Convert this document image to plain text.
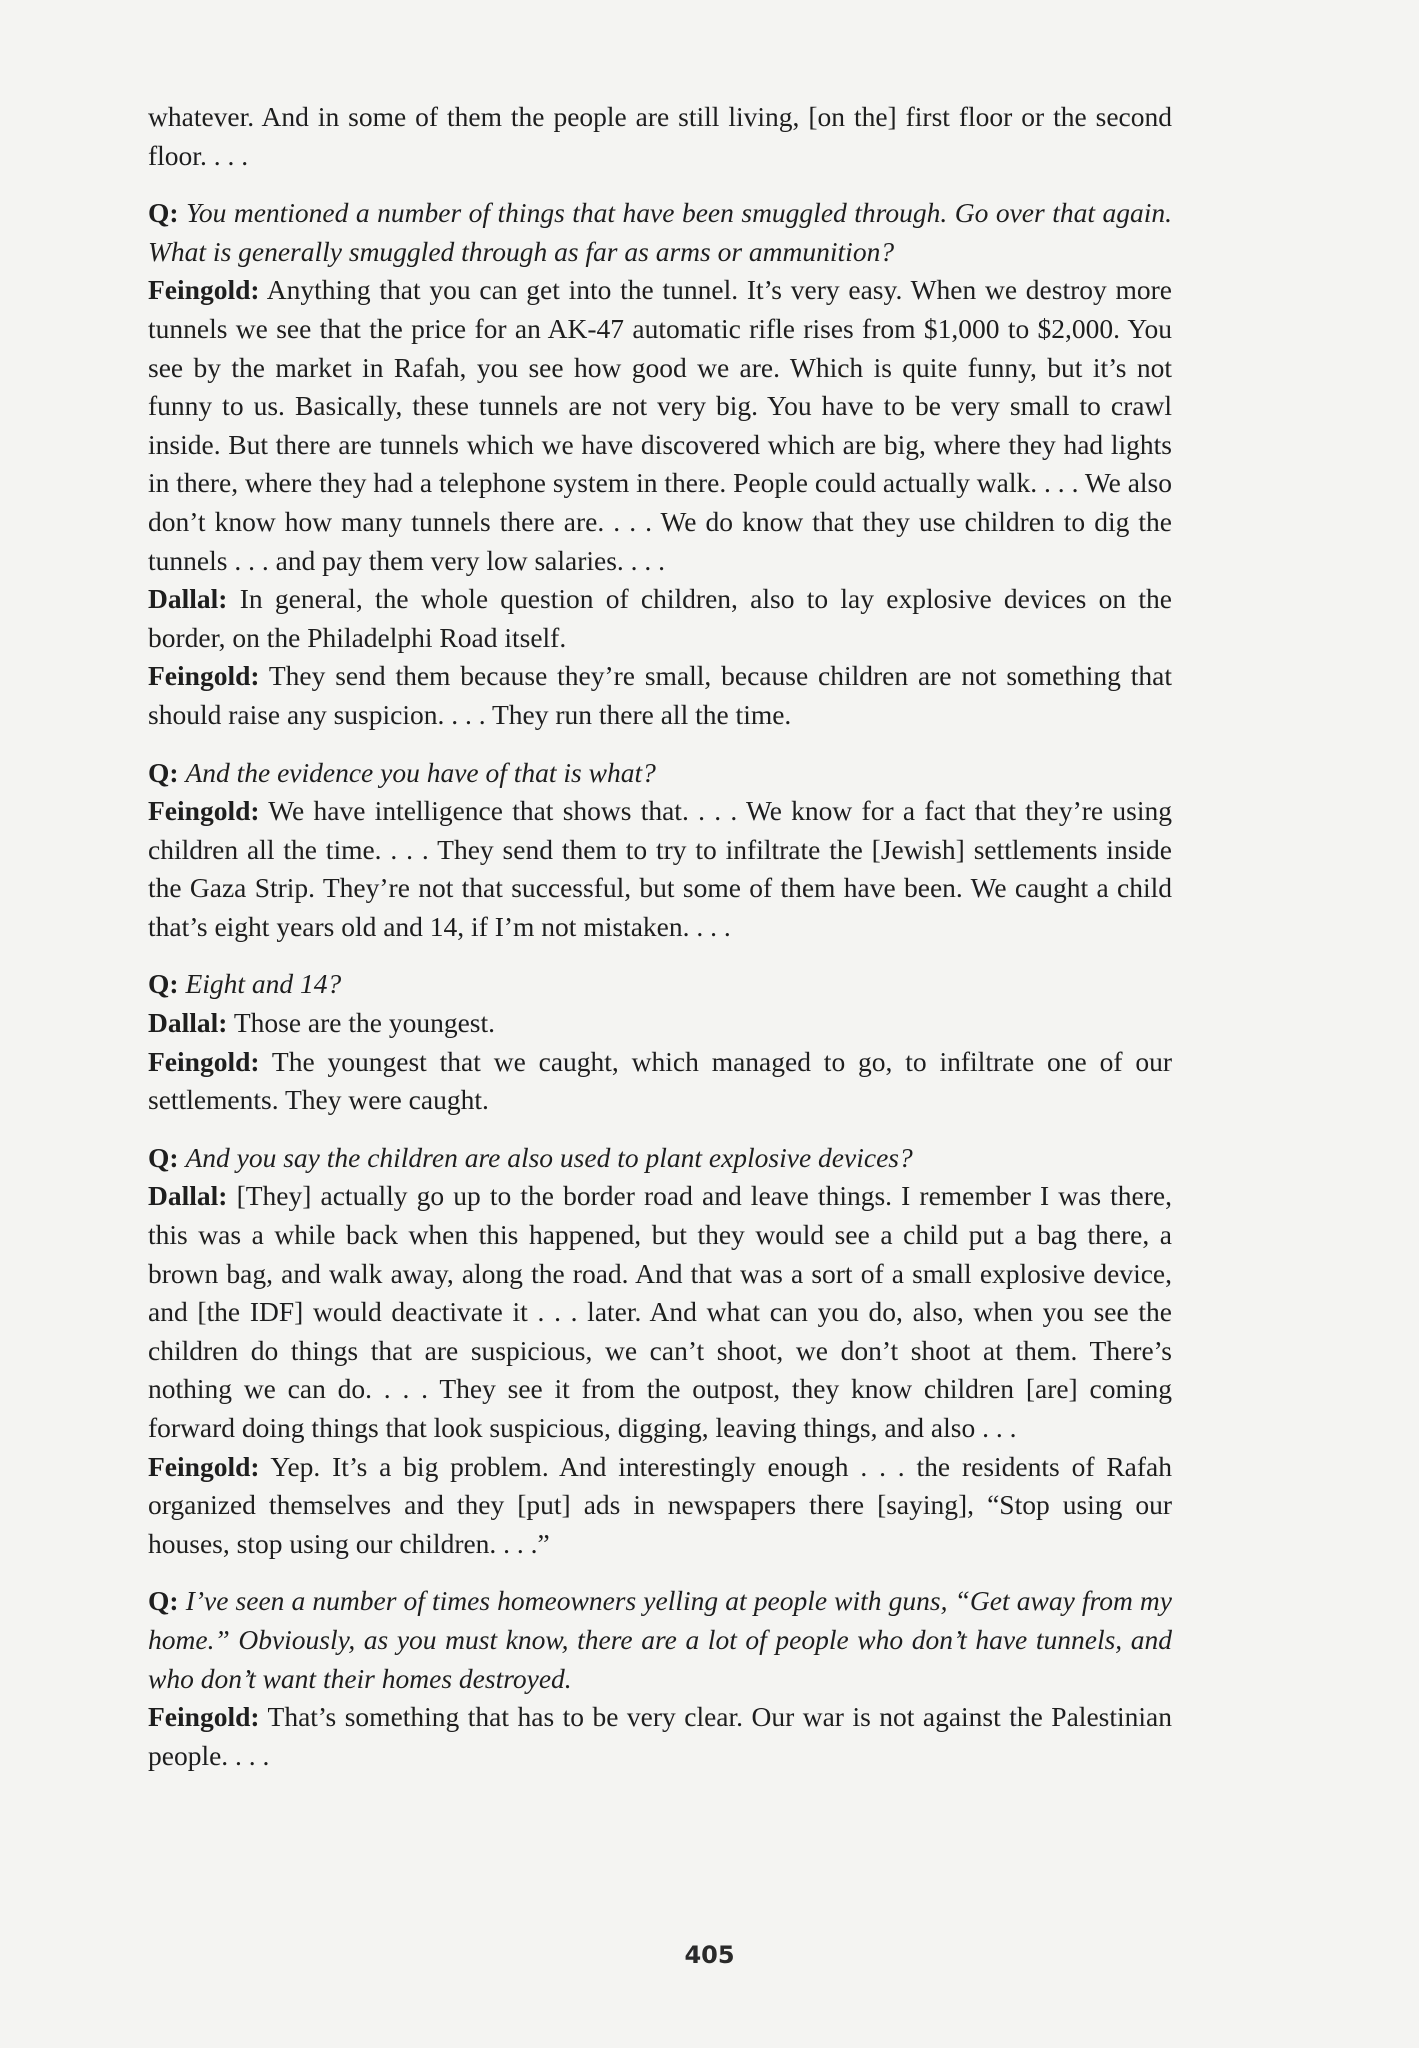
whatever. And in some of them the people are still living, [on the] first floor or the second floor. . . .

Q: You mentioned a number of things that have been smuggled through. Go over that again. What is generally smuggled through as far as arms or ammunition?

Feingold: Anything that you can get into the tunnel. It’s very easy. When we destroy more tunnels we see that the price for an AK-47 automatic rifle rises from $1,000 to $2,000. You see by the market in Rafah, you see how good we are. Which is quite funny, but it’s not funny to us. Basically, these tunnels are not very big. You have to be very small to crawl inside. But there are tunnels which we have discovered which are big, where they had lights in there, where they had a telephone system in there. People could actually walk. . . . We also don’t know how many tunnels there are. . . . We do know that they use children to dig the tunnels . . . and pay them very low salaries. . . .

Dallal: In general, the whole question of children, also to lay explosive devices on the border, on the Philadelphi Road itself.

Feingold: They send them because they’re small, because children are not something that should raise any suspicion. . . . They run there all the time.

Q: And the evidence you have of that is what?

Feingold: We have intelligence that shows that. . . . We know for a fact that they’re using children all the time. . . . They send them to try to infiltrate the [Jewish] settlements inside the Gaza Strip. They’re not that successful, but some of them have been. We caught a child that’s eight years old and 14, if I’m not mistaken. . . .

Q: Eight and 14?

Dallal: Those are the youngest.

Feingold: The youngest that we caught, which managed to go, to infiltrate one of our settlements. They were caught.

Q: And you say the children are also used to plant explosive devices?

Dallal: [They] actually go up to the border road and leave things. I remember I was there, this was a while back when this happened, but they would see a child put a bag there, a brown bag, and walk away, along the road. And that was a sort of a small explosive device, and [the IDF] would deactivate it . . . later. And what can you do, also, when you see the children do things that are suspicious, we can’t shoot, we don’t shoot at them. There’s nothing we can do. . . . They see it from the outpost, they know children [are] coming forward doing things that look suspicious, digging, leaving things, and also . . .

Feingold: Yep. It’s a big problem. And interestingly enough . . . the residents of Rafah organized themselves and they [put] ads in newspapers there [saying], “Stop using our houses, stop using our children. . . .”

Q: I’ve seen a number of times homeowners yelling at people with guns, “Get away from my home.” Obviously, as you must know, there are a lot of people who don’t have tunnels, and who don’t want their homes destroyed.

Feingold: That’s something that has to be very clear. Our war is not against the Palestinian people. . . .

405
